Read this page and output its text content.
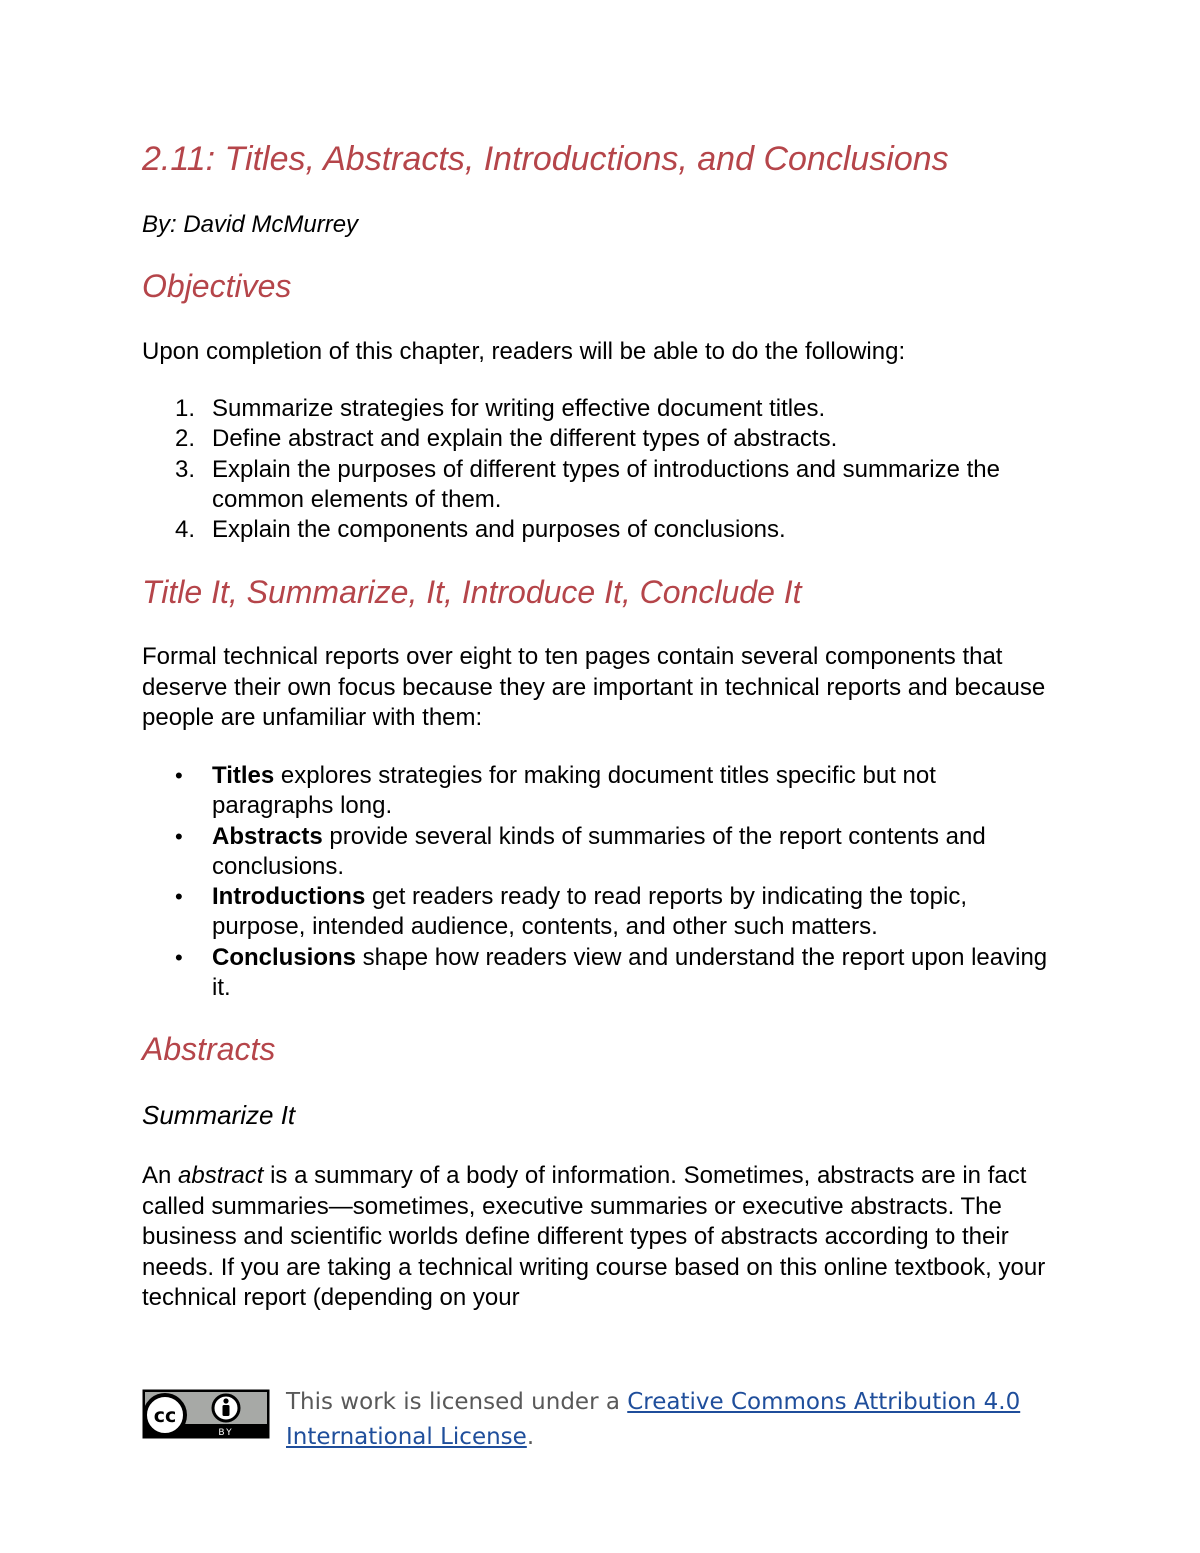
2.11: Titles, Abstracts, Introductions, and Conclusions

By: David McMurrey

Objectives

Upon completion of this chapter, readers will be able to do the following:

1. Summarize strategies for writing effective document titles.
2. Define abstract and explain the different types of abstracts.
3. Explain the purposes of different types of introductions and summarize the common elements of them.
4. Explain the components and purposes of conclusions.
Title It, Summarize, It, Introduce It, Conclude It

Formal technical reports over eight to ten pages contain several components that deserve their own focus because they are important in technical reports and because people are unfamiliar with them:

• Titles explores strategies for making document titles specific but not paragraphs long.
• Abstracts provide several kinds of summaries of the report contents and conclusions.
• Introductions get readers ready to read reports by indicating the topic, purpose, intended audience, contents, and other such matters.
• Conclusions shape how readers view and understand the report upon leaving it.
Abstracts
Summarize It

An abstract is a summary of a body of information. Sometimes, abstracts are in fact called summaries—sometimes, executive summaries or executive abstracts. The business and scientific worlds define different types of abstracts according to their needs. If you are taking a technical writing course based on this online textbook, your technical report (depending on your

cc
BY
This work is licensed under a Creative Commons Attribution 4.0 International License.
